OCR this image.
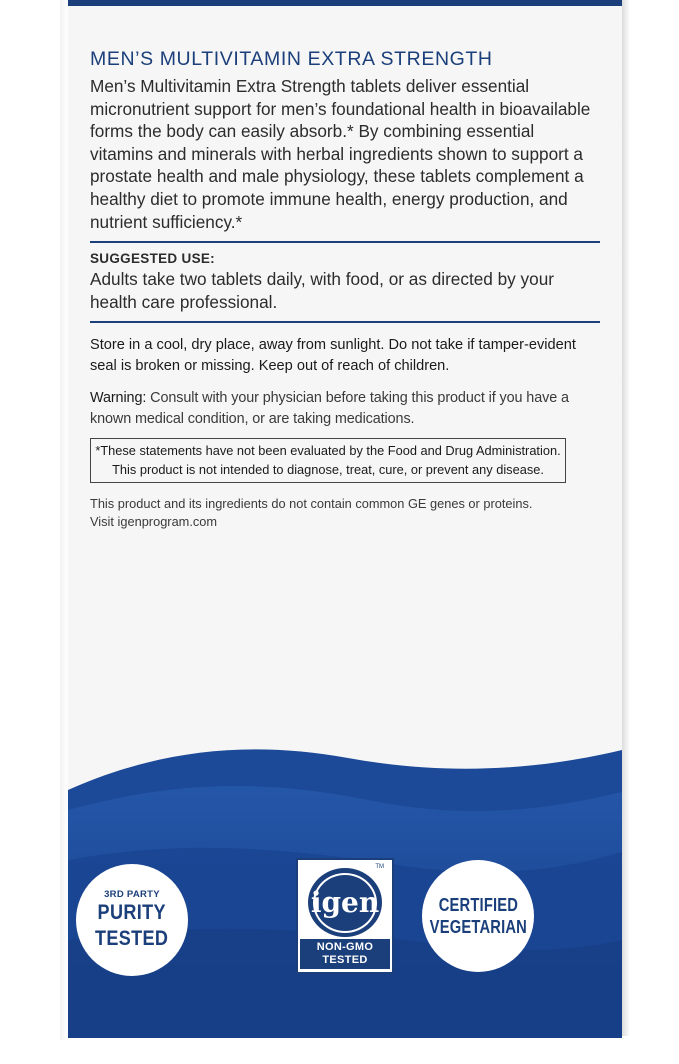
MEN’S MULTIVITAMIN EXTRA STRENGTH

Men’s Multivitamin Extra Strength tablets deliver essential micronutrient support for men’s foundational health in bioavailable forms the body can easily absorb.* By combining essential vitamins and minerals with herbal ingredients shown to support a prostate health and male physiology, these tablets complement a healthy diet to promote immune health, energy production, and nutrient sufficiency.*

SUGGESTED USE:

Adults take two tablets daily, with food, or as directed by your health care professional.

Store in a cool, dry place, away from sunlight. Do not take if tamper-evident seal is broken or missing. Keep out of reach of children.

Warning: Consult with your physician before taking this product if you have a known medical condition, or are taking medications.

*These statements have not been evaluated by the Food and Drug Administration.
This product is not intended to diagnose, treat, cure, or prevent any disease.
This product and its ingredients do not contain common GE genes or proteins.
Visit igenprogram.com
3RD PARTY
PURITY
TESTED
igen
TM
NON-GMO
TESTED
CERTIFIED
VEGETARIAN
